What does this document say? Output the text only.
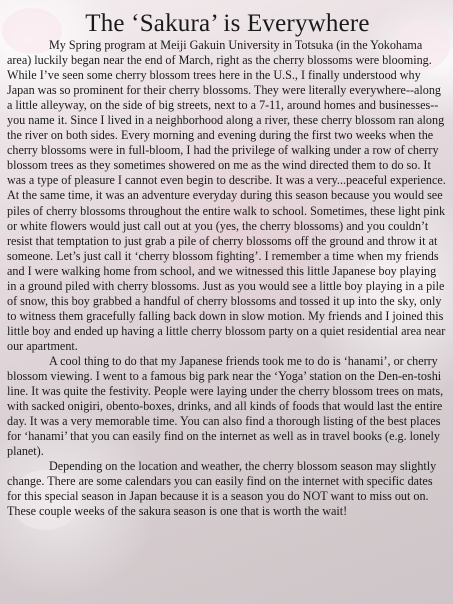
The ‘Sakura’ is Everywhere

My Spring program at Meiji Gakuin University in Totsuka (in the Yokohama area) luckily began near the end of March, right as the cherry blossoms were blooming. While I’ve seen some cherry blossom trees here in the U.S., I finally understood why Japan was so prominent for their cherry blossoms. They were literally everywhere--along a little alleyway, on the side of big streets, next to a 7-11, around homes and businesses--you name it. Since I lived in a neighborhood along a river, these cherry blossom ran along the river on both sides. Every morning and evening during the first two weeks when the cherry blossoms were in full-bloom, I had the privilege of walking under a row of cherry blossom trees as they sometimes showered on me as the wind directed them to do so. It was a type of pleasure I cannot even begin to describe. It was a very...peaceful experience. At the same time, it was an adventure everyday during this season because you would see piles of cherry blossoms throughout the entire walk to school. Sometimes, these light pink or white flowers would just call out at you (yes, the cherry blossoms) and you couldn’t resist that temptation to just grab a pile of cherry blossoms off the ground and throw it at someone. Let’s just call it ‘cherry blossom fighting’. I remember a time when my friends and I were walking home from school, and we witnessed this little Japanese boy playing in a ground piled with cherry blossoms. Just as you would see a little boy playing in a pile of snow, this boy grabbed a handful of cherry blossoms and tossed it up into the sky, only to witness them gracefully falling back down in slow motion. My friends and I joined this little boy and ended up having a little cherry blossom party on a quiet residential area near our apartment.

A cool thing to do that my Japanese friends took me to do is ‘hanami’, or cherry blossom viewing. I went to a famous big park near the ‘Yoga’ station on the Den-en-toshi line. It was quite the festivity. People were laying under the cherry blossom trees on mats, with sacked onigiri, obento-boxes, drinks, and all kinds of foods that would last the entire day. It was a very memorable time. You can also find a thorough listing of the best places for ‘hanami’ that you can easily find on the internet as well as in travel books (e.g. lonely planet).

Depending on the location and weather, the cherry blossom season may slightly change. There are some calendars you can easily find on the internet with specific dates for this special season in Japan because it is a season you do NOT want to miss out on. These couple weeks of the sakura season is one that is worth the wait!
